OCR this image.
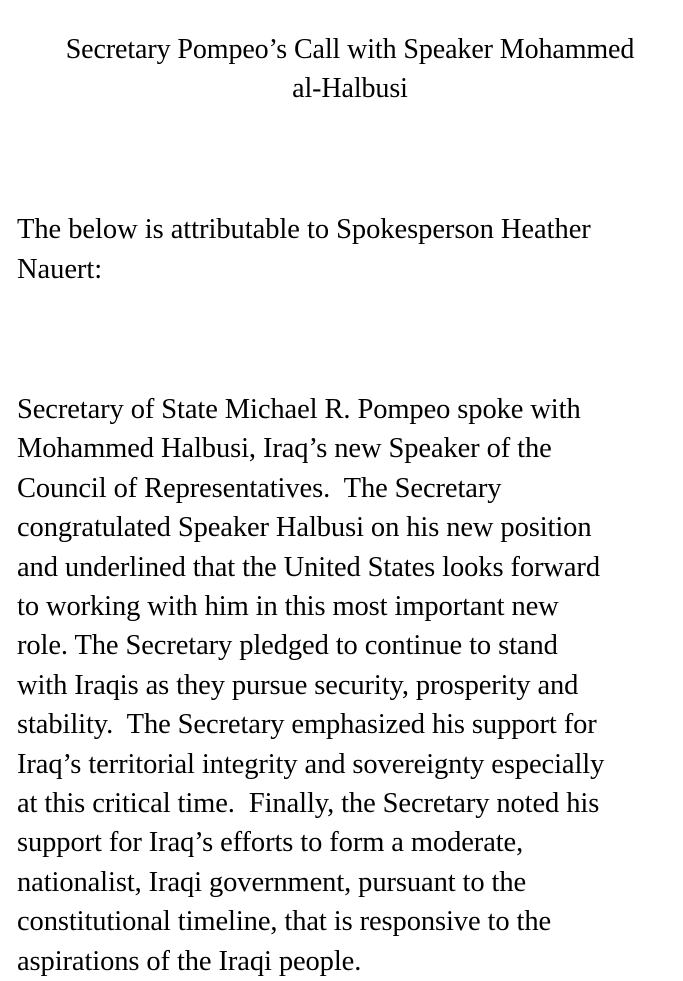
Secretary Pompeo’s Call with Speaker Mohammed
al-Halbusi
The below is attributable to Spokesperson Heather
Nauert:
Secretary of State Michael R. Pompeo spoke with
Mohammed Halbusi, Iraq’s new Speaker of the
Council of Representatives.  The Secretary
congratulated Speaker Halbusi on his new position
and underlined that the United States looks forward
to working with him in this most important new
role. The Secretary pledged to continue to stand
with Iraqis as they pursue security, prosperity and
stability.  The Secretary emphasized his support for
Iraq’s territorial integrity and sovereignty especially
at this critical time.  Finally, the Secretary noted his
support for Iraq’s efforts to form a moderate,
nationalist, Iraqi government, pursuant to the
constitutional timeline, that is responsive to the
aspirations of the Iraqi people.
